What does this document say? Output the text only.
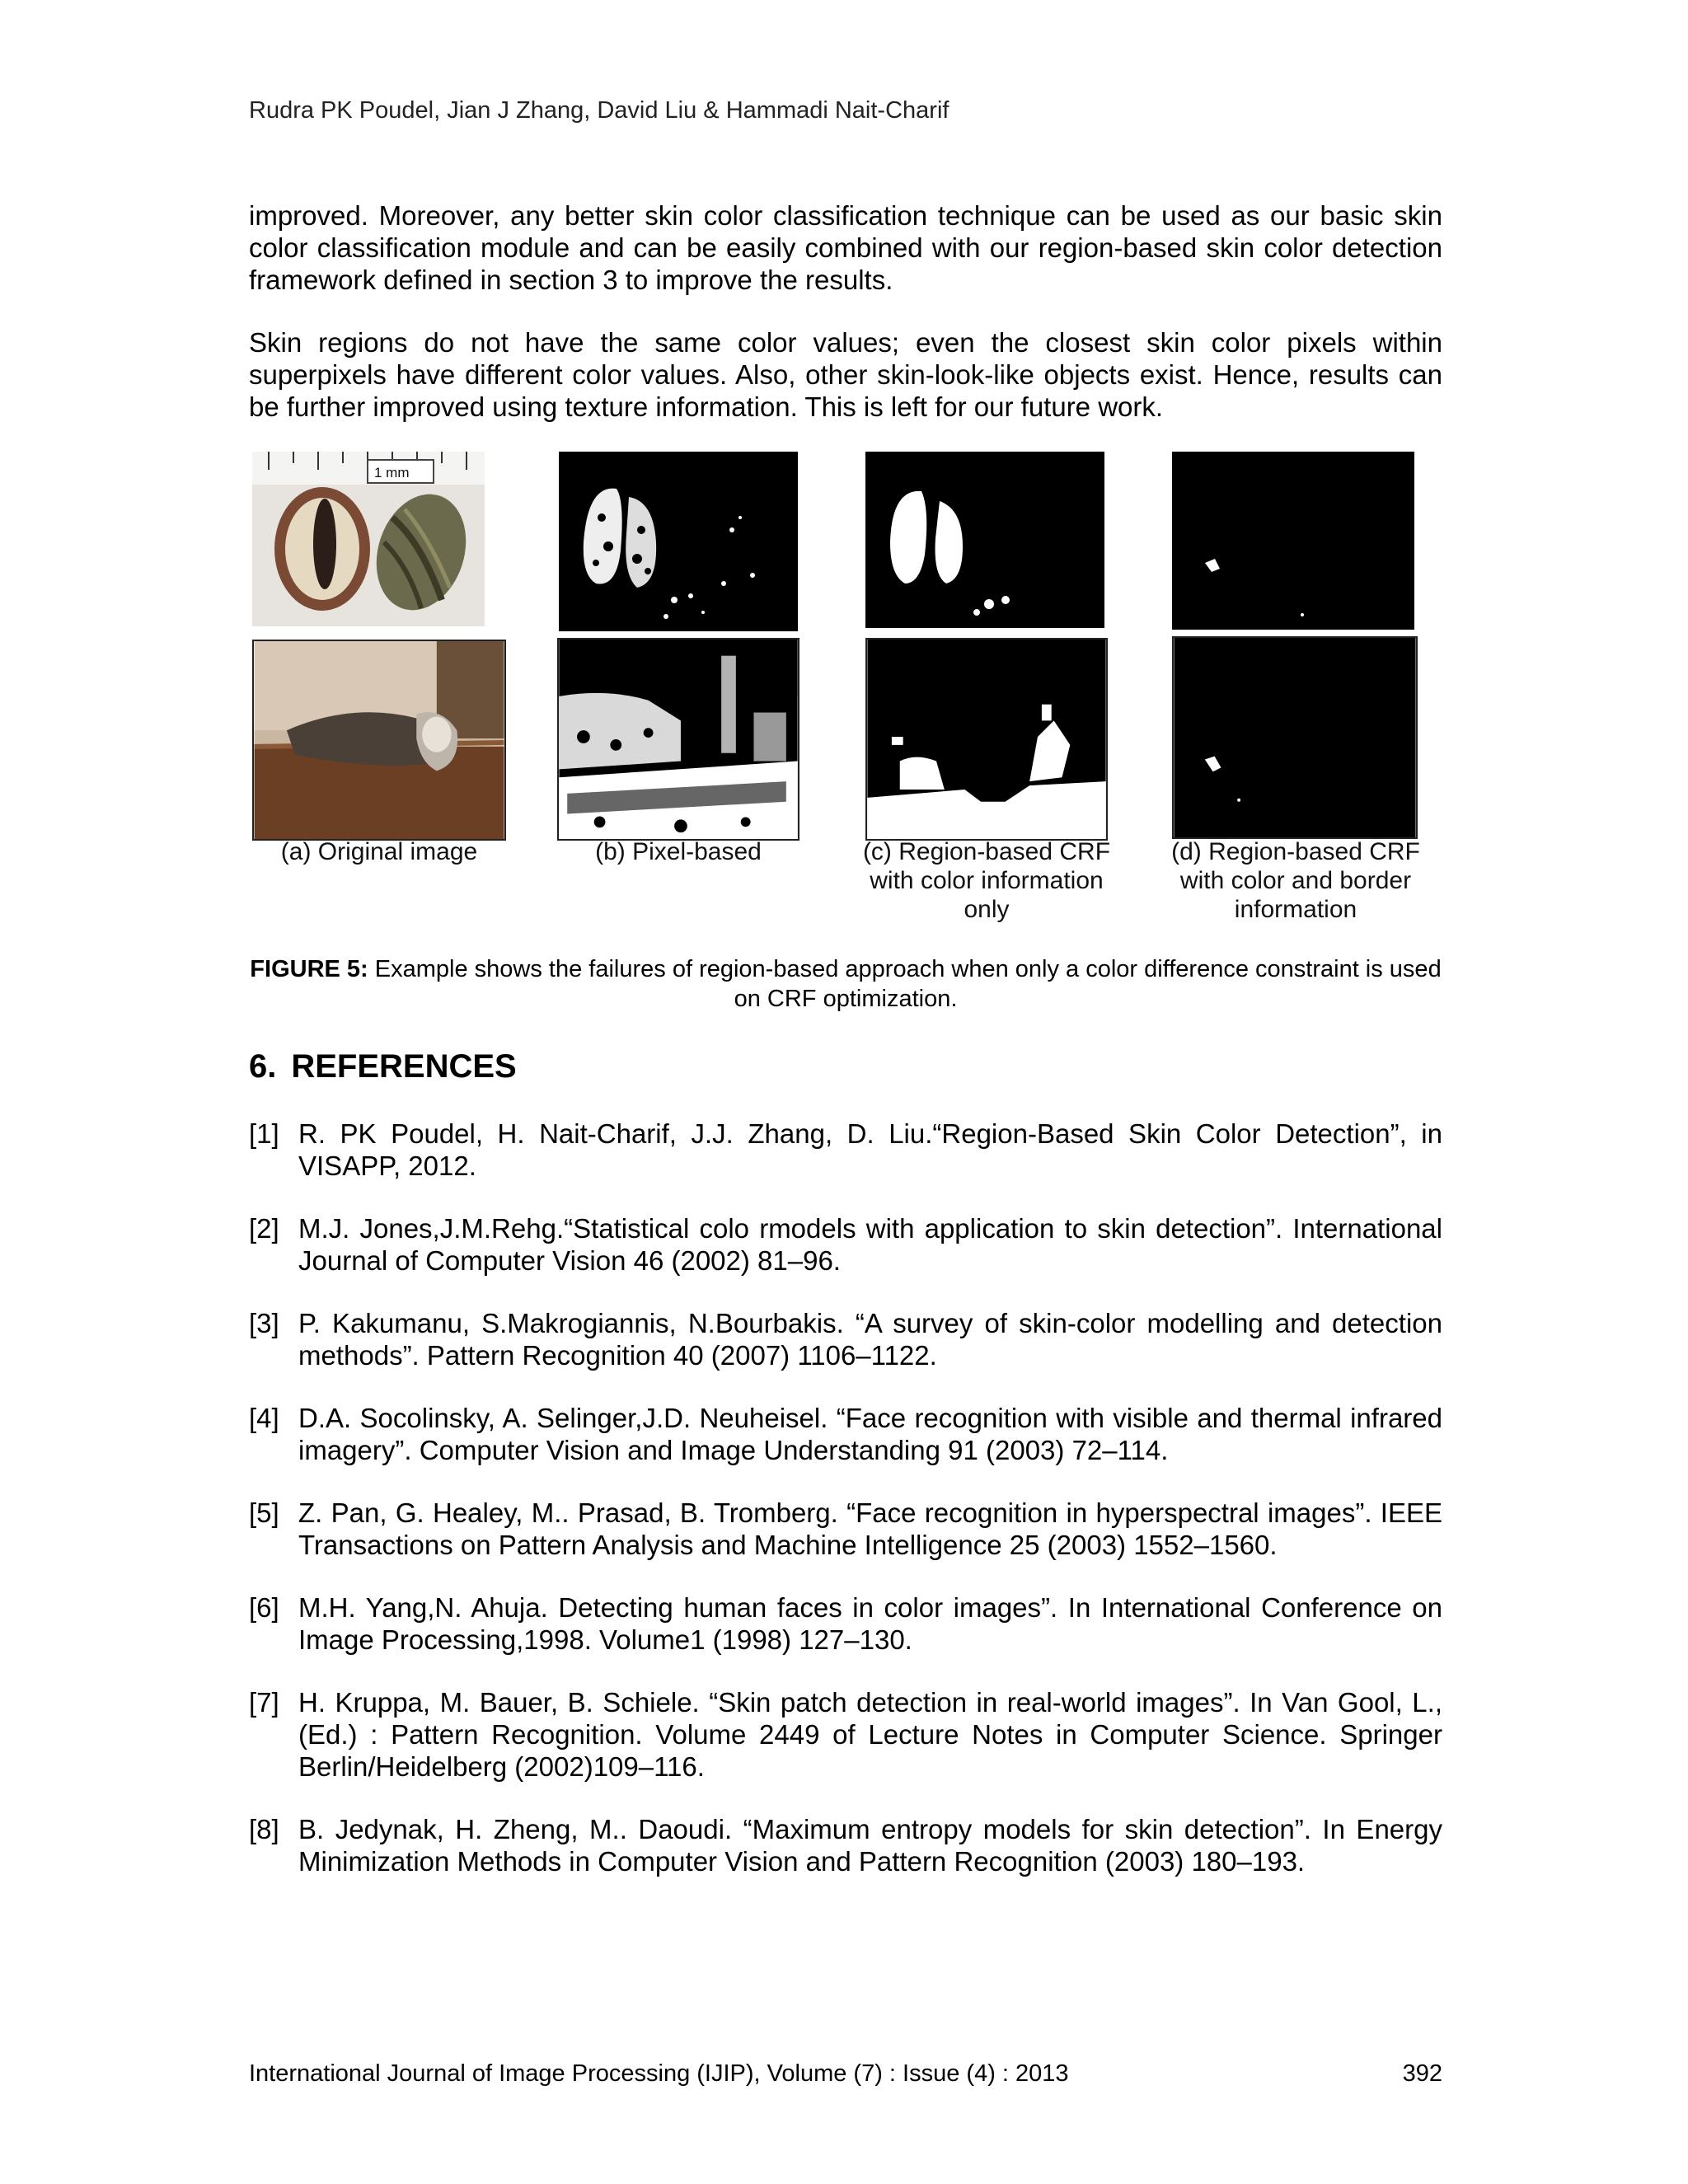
Rudra PK Poudel, Jian J Zhang, David Liu & Hammadi Nait-Charif

improved. Moreover, any better skin color classification technique can be used as our basic skin color classification module and can be easily combined with our region-based skin color detection framework defined in section 3 to improve the results.

Skin regions do not have the same color values; even the closest skin color pixels within superpixels have different color values. Also, other skin-look-like objects exist. Hence, results can be further improved using texture information. This is left for our future work.

1 mm
(a) Original image	(b) Pixel-based	(c) Region-based CRF with color information only
(d) Region-based CRF with color and border information
FIGURE 5: Example shows the failures of region-based approach when only a color difference constraint is used on CRF optimization.
6. REFERENCES

[1] R. PK Poudel, H. Nait-Charif, J.J. Zhang, D. Liu.“Region-Based Skin Color Detection”, in VISAPP, 2012.

[2] M.J. Jones,J.M.Rehg.“Statistical colo rmodels with application to skin detection”. International Journal of Computer Vision 46 (2002) 81–96.

[3] P. Kakumanu, S.Makrogiannis, N.Bourbakis. “A survey of skin-color modelling and detection methods”. Pattern Recognition 40 (2007) 1106–1122.

[4] D.A. Socolinsky, A. Selinger,J.D. Neuheisel. “Face recognition with visible and thermal infrared imagery”. Computer Vision and Image Understanding 91 (2003) 72–114.

[5] Z. Pan, G. Healey, M.. Prasad, B. Tromberg. “Face recognition in hyperspectral images”. IEEE Transactions on Pattern Analysis and Machine Intelligence 25 (2003) 1552–1560.

[6] M.H. Yang,N. Ahuja. Detecting human faces in color images”. In International Conference on Image Processing,1998. Volume1 (1998) 127–130.

[7] H. Kruppa, M. Bauer, B. Schiele. “Skin patch detection in real-world images”. In Van Gool, L.,(Ed.) : Pattern Recognition. Volume 2449 of Lecture Notes in Computer Science. Springer Berlin/Heidelberg (2002)109–116.

[8] B. Jedynak, H. Zheng, M.. Daoudi. “Maximum entropy models for skin detection”. In Energy Minimization Methods in Computer Vision and Pattern Recognition (2003) 180–193.

International Journal of Image Processing (IJIP), Volume (7) : Issue (4) : 2013	392
